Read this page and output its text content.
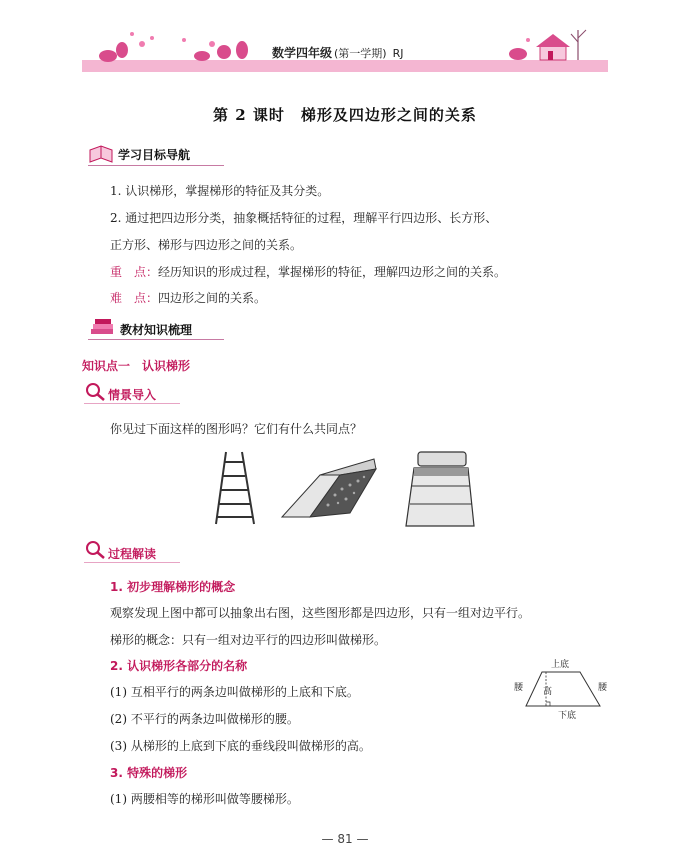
数学四年级 (第一学期) RJ
第 2 课时　梯形及四边形之间的关系
学习目标导航
1. 认识梯形，掌握梯形的特征及其分类。
2. 通过把四边形分类，抽象概括特征的过程，理解平行四边形、长方形、
正方形、梯形与四边形之间的关系。
重　点：经历知识的形成过程，掌握梯形的特征，理解四边形之间的关系。
难　点：四边形之间的关系。
教材知识梳理
知识点一　认识梯形
情景导入
你见过下面这样的图形吗？它们有什么共同点？
过程解读
1. 初步理解梯形的概念
观察发现上图中都可以抽象出右图，这些图形都是四边形，只有一组对边平行。
梯形的概念：只有一组对边平行的四边形叫做梯形。
2. 认识梯形各部分的名称
(1) 互相平行的两条边叫做梯形的上底和下底。
(2) 不平行的两条边叫做梯形的腰。
(3) 从梯形的上底到下底的垂线段叫做梯形的高。
3. 特殊的梯形
(1) 两腰相等的梯形叫做等腰梯形。
上底
下底
腰	腰
高
— 81 —
